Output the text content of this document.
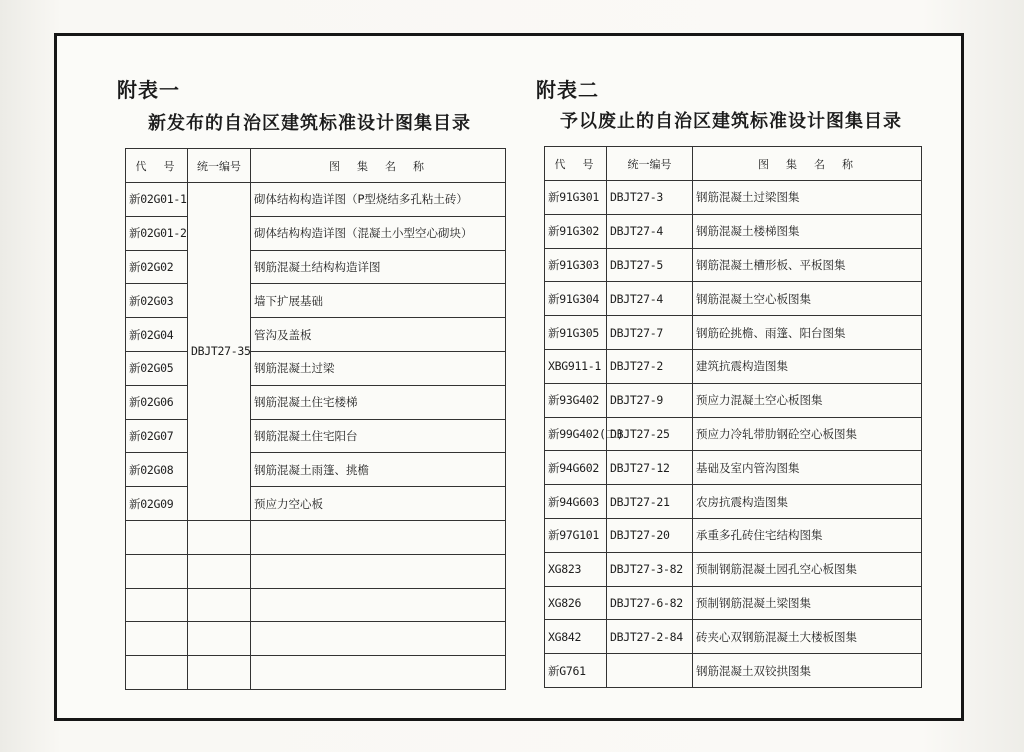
附表一
新发布的自治区建筑标准设计图集目录
附表二
予以废止的自治区建筑标准设计图集目录
代　号	统一编号	图　集　名　称
新02G01-1	DBJT27-35	砌体结构构造详图（P型烧结多孔粘土砖）
新02G01-2		砌体结构构造详图（混凝土小型空心砌块）
新02G02		钢筋混凝土结构构造详图
新02G03		墙下扩展基础
新02G04		管沟及盖板
新02G05		钢筋混凝土过梁
新02G06		钢筋混凝土住宅楼梯
新02G07		钢筋混凝土住宅阳台
新02G08		钢筋混凝土雨篷、挑檐
新02G09		预应力空心板

代　号	统一编号	图　集　名　称
新91G301	DBJT27-3	钢筋混凝土过梁图集
新91G302	DBJT27-4	钢筋混凝土楼梯图集
新91G303	DBJT27-5	钢筋混凝土槽形板、平板图集
新91G304	DBJT27-4	钢筋混凝土空心板图集
新91G305	DBJT27-7	钢筋砼挑檐、雨篷、阳台图集
XBG911-1	DBJT27-2	建筑抗震构造图集
新93G402	DBJT27-9	预应力混凝土空心板图集
新99G402(二)	DBJT27-25	预应力冷轧带肋钢砼空心板图集
新94G602	DBJT27-12	基础及室内管沟图集
新94G603	DBJT27-21	农房抗震构造图集
新97G101	DBJT27-20	承重多孔砖住宅结构图集
XG823	DBJT27-3-82	预制钢筋混凝土园孔空心板图集
XG826	DBJT27-6-82	预制钢筋混凝土梁图集
XG842	DBJT27-2-84	砖夹心双钢筋混凝土大楼板图集
新G761		钢筋混凝土双铰拱图集
